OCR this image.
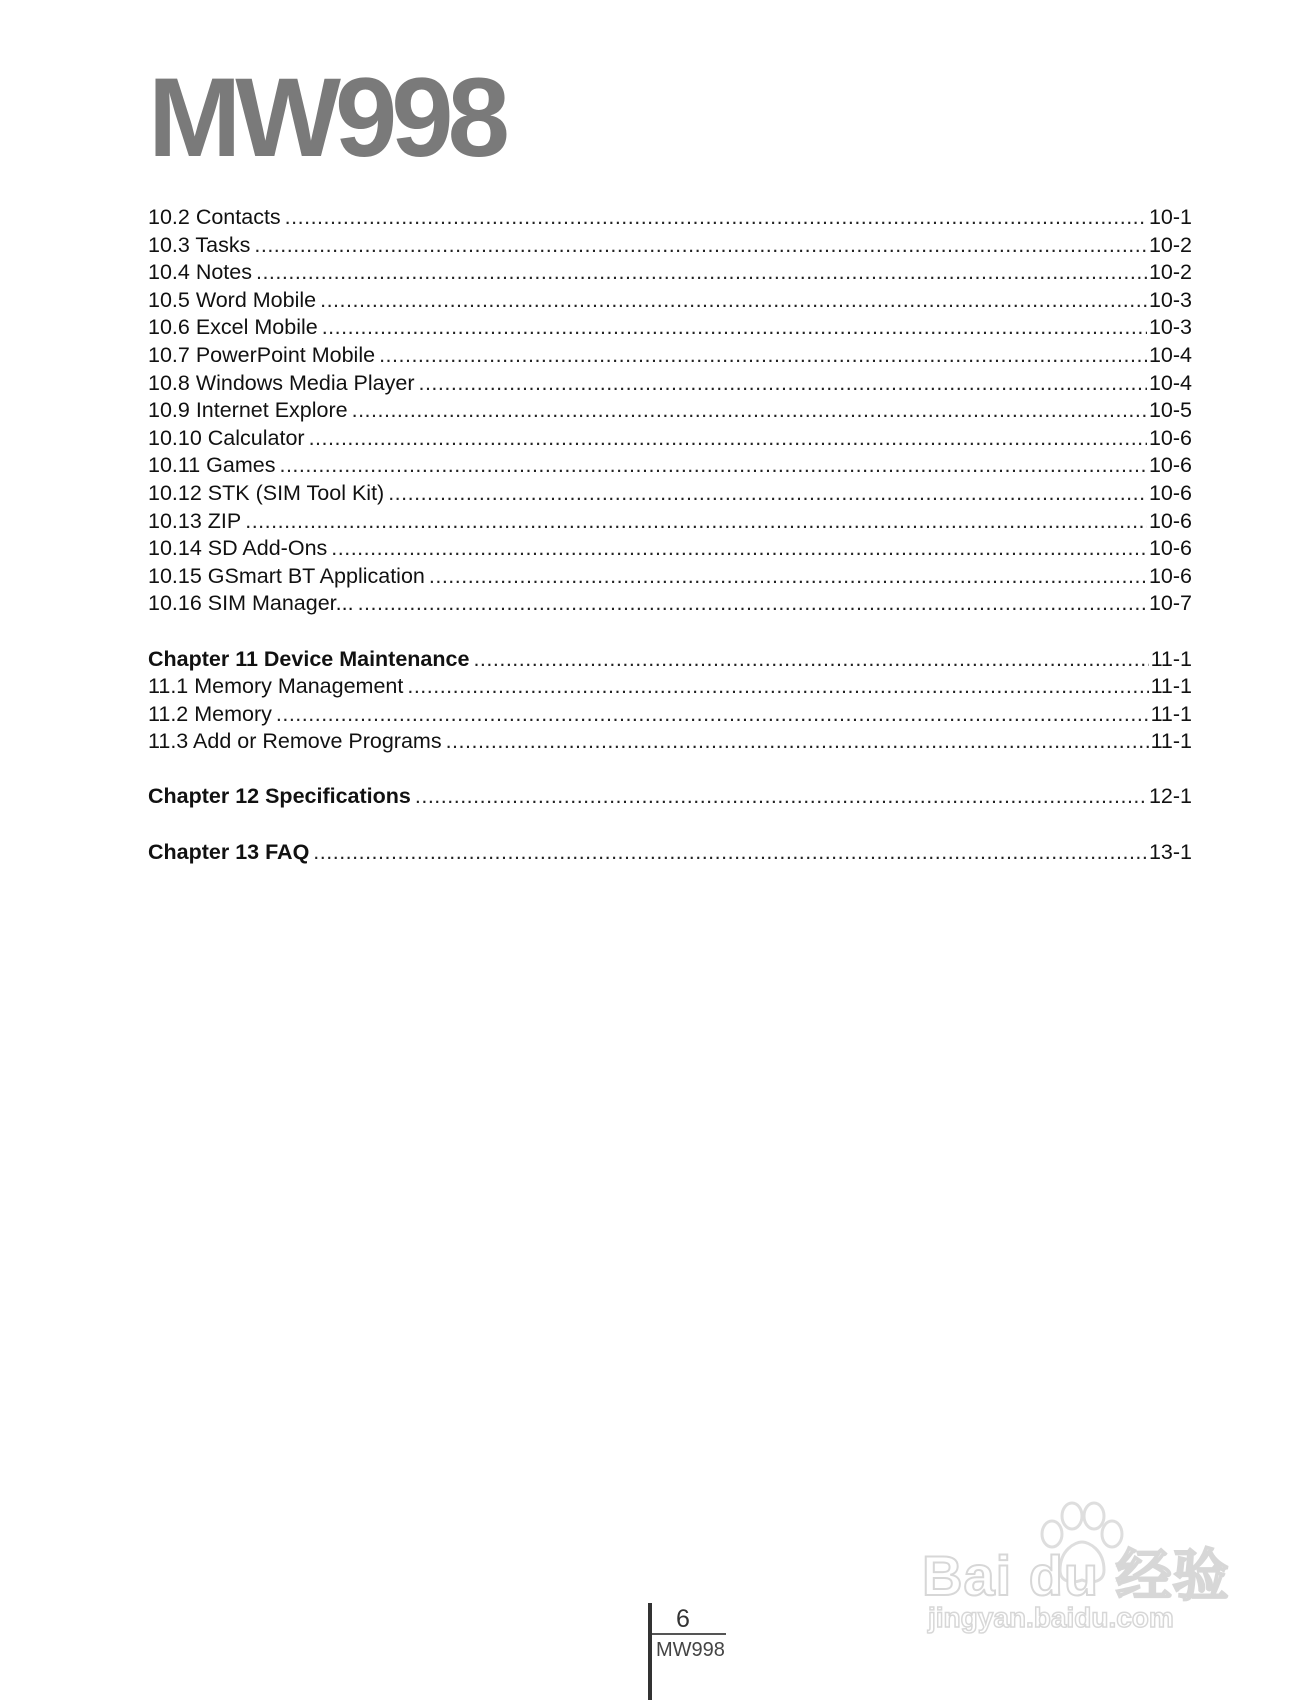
MW998
10.2 Contacts .....	10-1
10.3 Tasks .....	10-2
10.4 Notes .....	10-2
10.5 Word Mobile .....	10-3
10.6 Excel Mobile .....	10-3
10.7 PowerPoint Mobile .....	10-4
10.8 Windows Media Player .....	10-4
10.9 Internet Explore .....	10-5
10.10 Calculator .....	10-6
10.11 Games .....	10-6
10.12 STK (SIM Tool Kit) .....	10-6
10.13 ZIP .....	10-6
10.14 SD Add-Ons .....	10-6
10.15 GSmart BT Application .....	10-6
10.16 SIM Manager... .....	10-7
Chapter 11 Device Maintenance .....	11-1
11.1 Memory Management .....	11-1
11.2 Memory .....	11-1
11.3 Add or Remove Programs .....	11-1
Chapter 12 Specifications .....	12-1
Chapter 13 FAQ .....	13-1
6
MW998
Bai du 经验
jingyan.baidu.com
